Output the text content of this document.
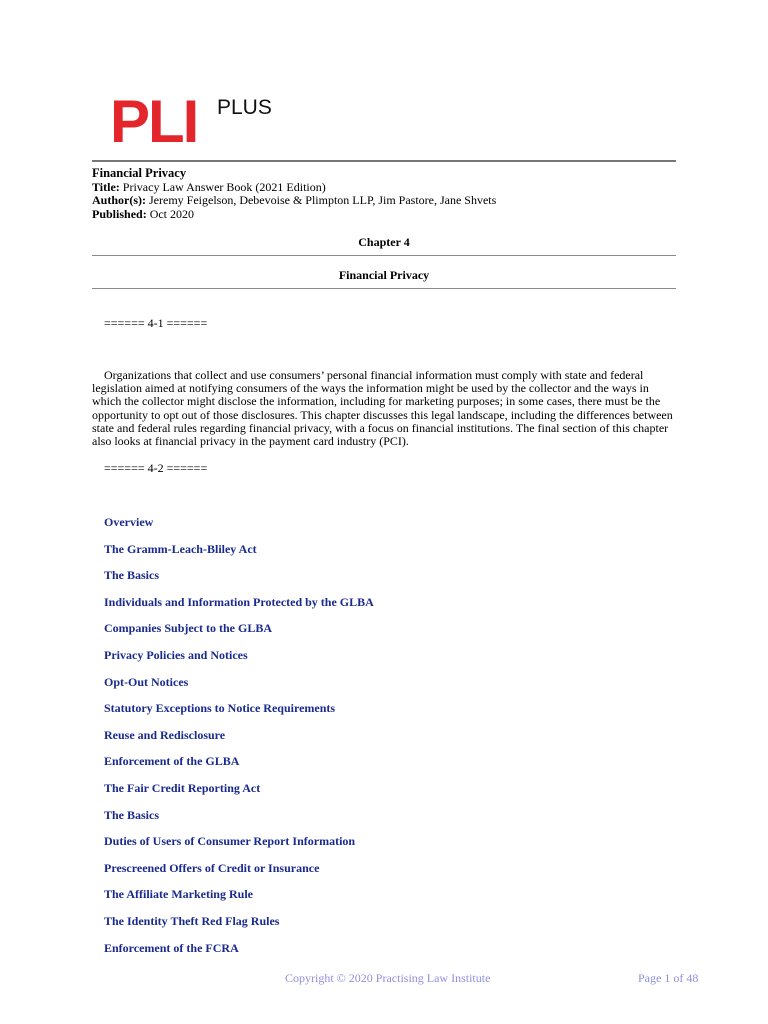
PLI PLUS
Financial Privacy
Title: Privacy Law Answer Book (2021 Edition)
Author(s): Jeremy Feigelson, Debevoise & Plimpton LLP, Jim Pastore, Jane Shvets
Published: Oct 2020
Chapter 4
Financial Privacy
====== 4-1 ======

Organizations that collect and use consumers’ personal financial information must comply with state and federal legislation aimed at notifying consumers of the ways the information might be used by the collector and the ways in which the collector might disclose the information, including for marketing purposes; in some cases, there must be the opportunity to opt out of those disclosures. This chapter discusses this legal landscape, including the differences between state and federal rules regarding financial privacy, with a focus on financial institutions. The final section of this chapter also looks at financial privacy in the payment card industry (PCI).

====== 4-2 ======
Overview
The Gramm-Leach-Bliley Act
The Basics
Individuals and Information Protected by the GLBA
Companies Subject to the GLBA
Privacy Policies and Notices
Opt-Out Notices
Statutory Exceptions to Notice Requirements
Reuse and Redisclosure
Enforcement of the GLBA
The Fair Credit Reporting Act
The Basics
Duties of Users of Consumer Report Information
Prescreened Offers of Credit or Insurance
The Affiliate Marketing Rule
The Identity Theft Red Flag Rules
Enforcement of the FCRA
Copyright © 2020 Practising Law Institute	Page 1 of 48
